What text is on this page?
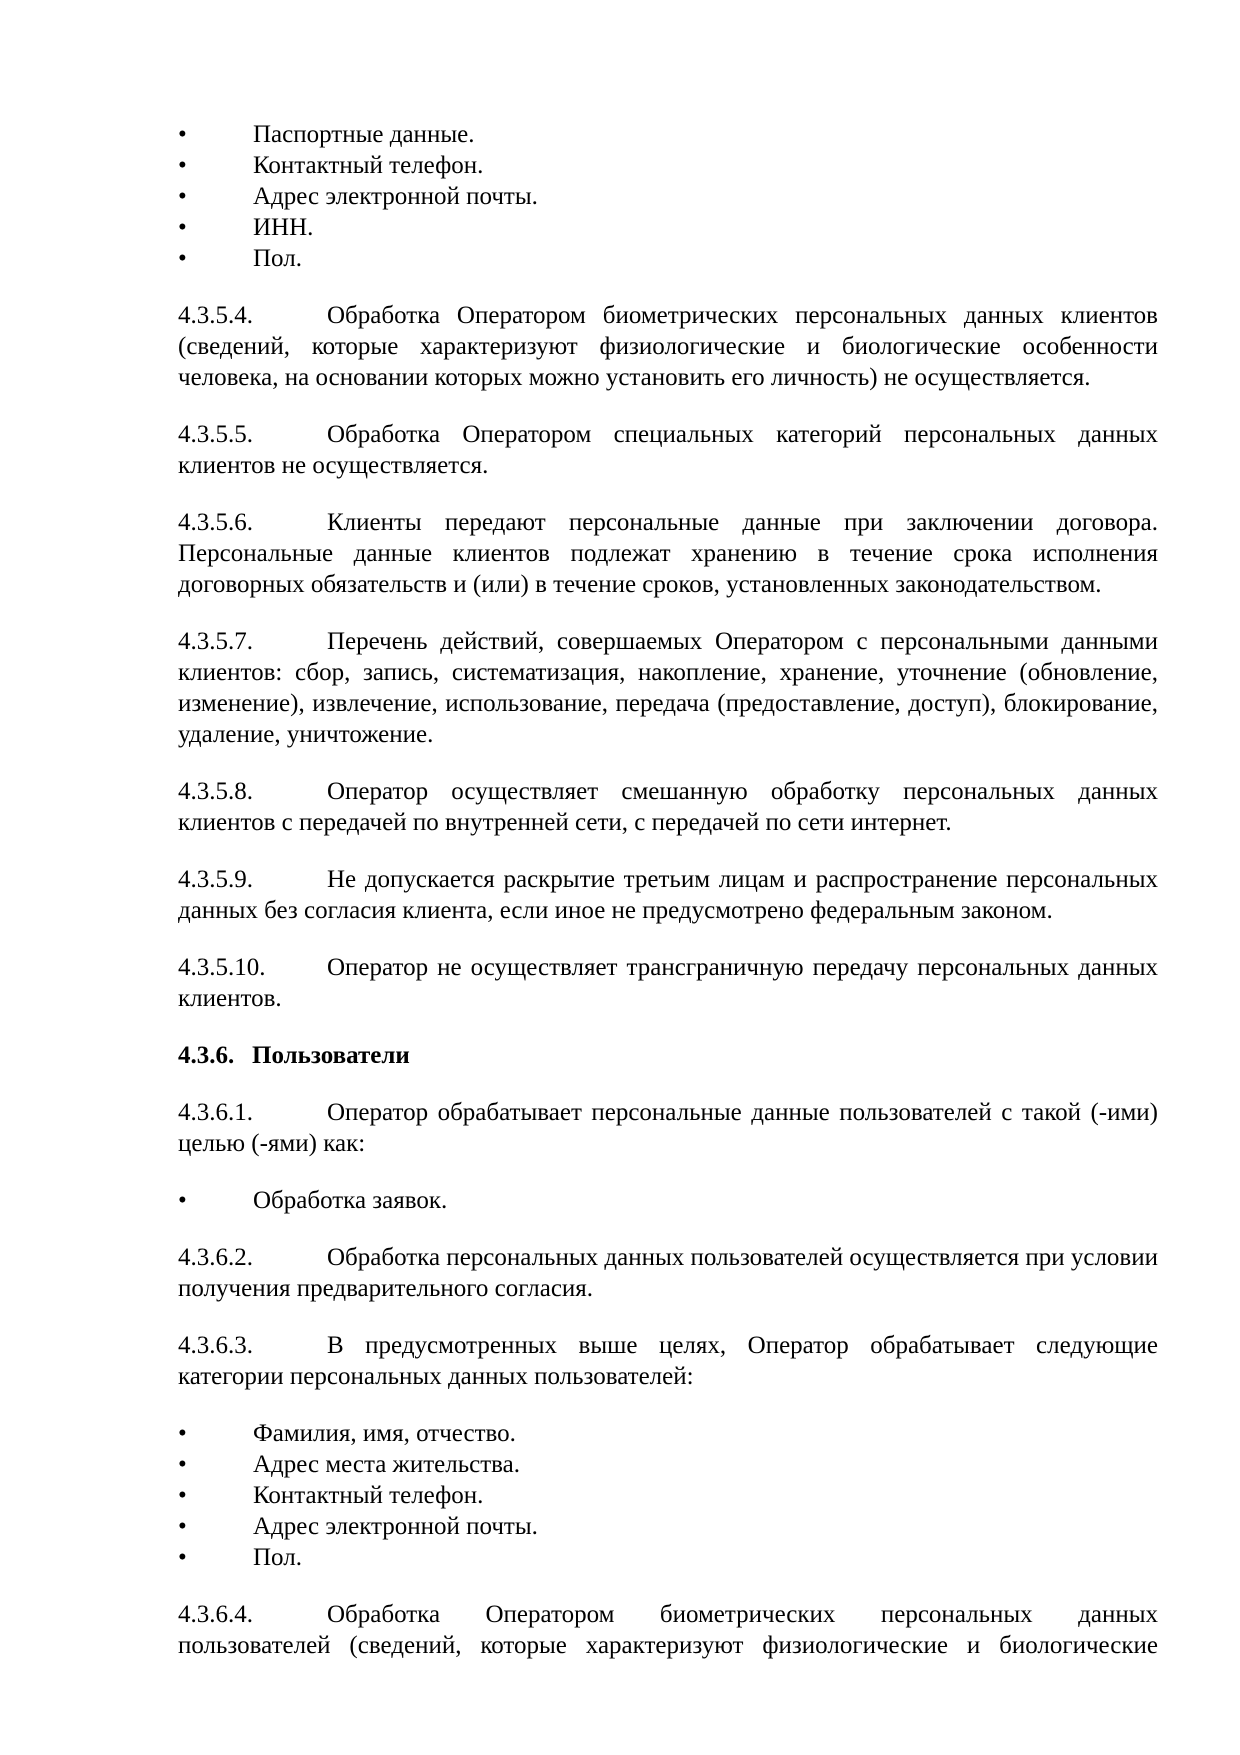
•	Паспортные данные.
•	Контактный телефон.
•	Адрес электронной почты.
•	ИНН.
•	Пол.
4.3.5.4.	Обработка Оператором биометрических персональных данных клиентов (сведений, которые характеризуют физиологические и биологические особенности человека, на основании которых можно установить его личность) не осуществляется.
4.3.5.5.	Обработка Оператором специальных категорий персональных данных клиентов не осуществляется.
4.3.5.6.	Клиенты передают персональные данные при заключении договора. Персональные данные клиентов подлежат хранению в течение срока исполнения договорных обязательств и (или) в течение сроков, установленных законодательством.
4.3.5.7.	Перечень действий, совершаемых Оператором с персональными данными клиентов: сбор, запись, систематизация, накопление, хранение, уточнение (обновление, изменение), извлечение, использование, передача (предоставление, доступ), блокирование, удаление, уничтожение.
4.3.5.8.	Оператор осуществляет смешанную обработку персональных данных клиентов с передачей по внутренней сети, с передачей по сети интернет.
4.3.5.9.	Не допускается раскрытие третьим лицам и распространение персональных данных без согласия клиента, если иное не предусмотрено федеральным законом.
4.3.5.10. Оператор не осуществляет трансграничную передачу персональных данных клиентов.
4.3.6. Пользователи
4.3.6.1.	Оператор обрабатывает персональные данные пользователей с такой (-ими) целью (-ями) как:
•	Обработка заявок.
4.3.6.2.	Обработка персональных данных пользователей осуществляется при условии получения предварительного согласия.
4.3.6.3.	В предусмотренных выше целях, Оператор обрабатывает следующие категории персональных данных пользователей:
•	Фамилия, имя, отчество.
•	Адрес места жительства.
•	Контактный телефон.
•	Адрес электронной почты.
•	Пол.
4.3.6.4.	Обработка Оператором биометрических персональных данных пользователей (сведений, которые характеризуют физиологические и биологические
